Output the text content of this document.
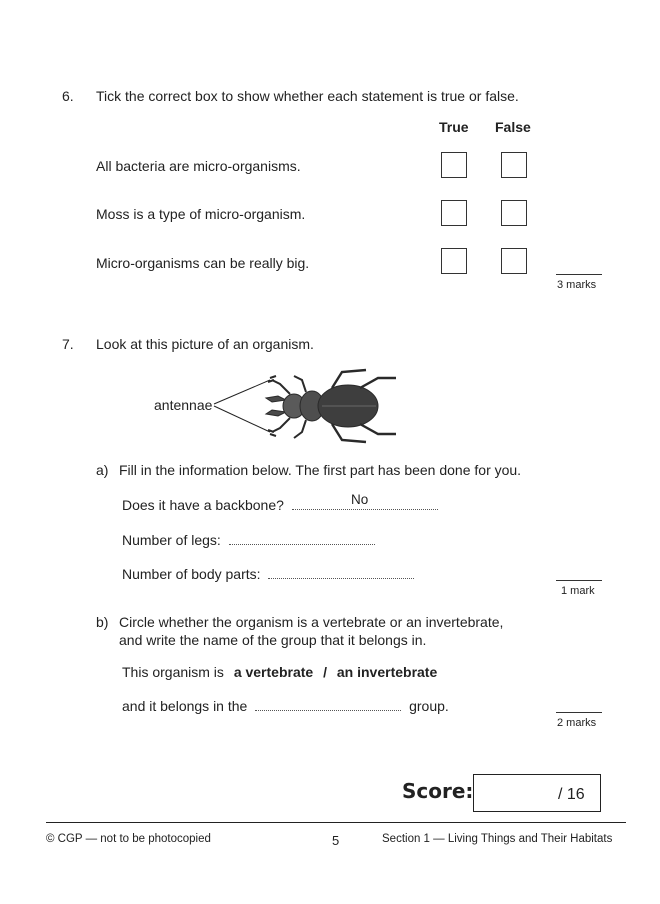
6. Tick the correct box to show whether each statement is true or false.
True False
All bacteria are micro-organisms.
Moss is a type of micro-organism.
Micro-organisms can be really big.
3 marks
7. Look at this picture of an organism.
antennae
a) Fill in the information below. The first part has been done for you.
Does it have a backbone?	No
Number of legs:
Number of body parts:
1 mark
b) Circle whether the organism is a vertebrate or an invertebrate,
and write the name of the group that it belongs in.
This organism is a vertebrate / an invertebrate
and it belongs in the	group.
2 marks
Score:	/ 16
© CGP — not to be photocopied	5	Section 1 — Living Things and Their Habitats
